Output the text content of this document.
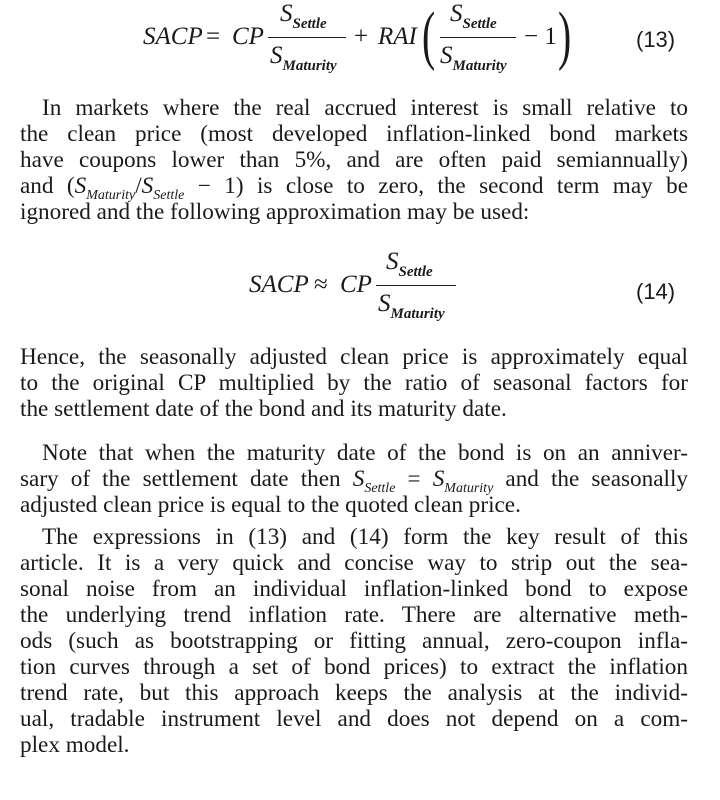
SACP = CP
$S_{Settle}$
$S_{Maturity}$
+ RAI ( $S_{Settle}$
$S_{Maturity}$
− 1 )	(13)
In markets where the real accrued interest is small relative to
the clean price (most developed inflation-linked bond markets
have coupons lower than 5%, and are often paid semiannually)
and $(S_{Maturity}/S_{Settle} - 1)$ is close to zero, the second term may be
ignored and the following approximation may be used:
SACP ≈ CP
$S_{Settle}$
$S_{Maturity}$
(14)
Hence, the seasonally adjusted clean price is approximately equal
to the original CP multiplied by the ratio of seasonal factors for
the settlement date of the bond and its maturity date.
Note that when the maturity date of the bond is on an anniver-
sary of the settlement date then $S_{Settle} = S_{Maturity}$ and the seasonally
adjusted clean price is equal to the quoted clean price.
The expressions in (13) and (14) form the key result of this
article. It is a very quick and concise way to strip out the sea-
sonal noise from an individual inflation-linked bond to expose
the underlying trend inflation rate. There are alternative meth-
ods (such as bootstrapping or fitting annual, zero-coupon infla-
tion curves through a set of bond prices) to extract the inflation
trend rate, but this approach keeps the analysis at the individ-
ual, tradable instrument level and does not depend on a com-
plex model.
